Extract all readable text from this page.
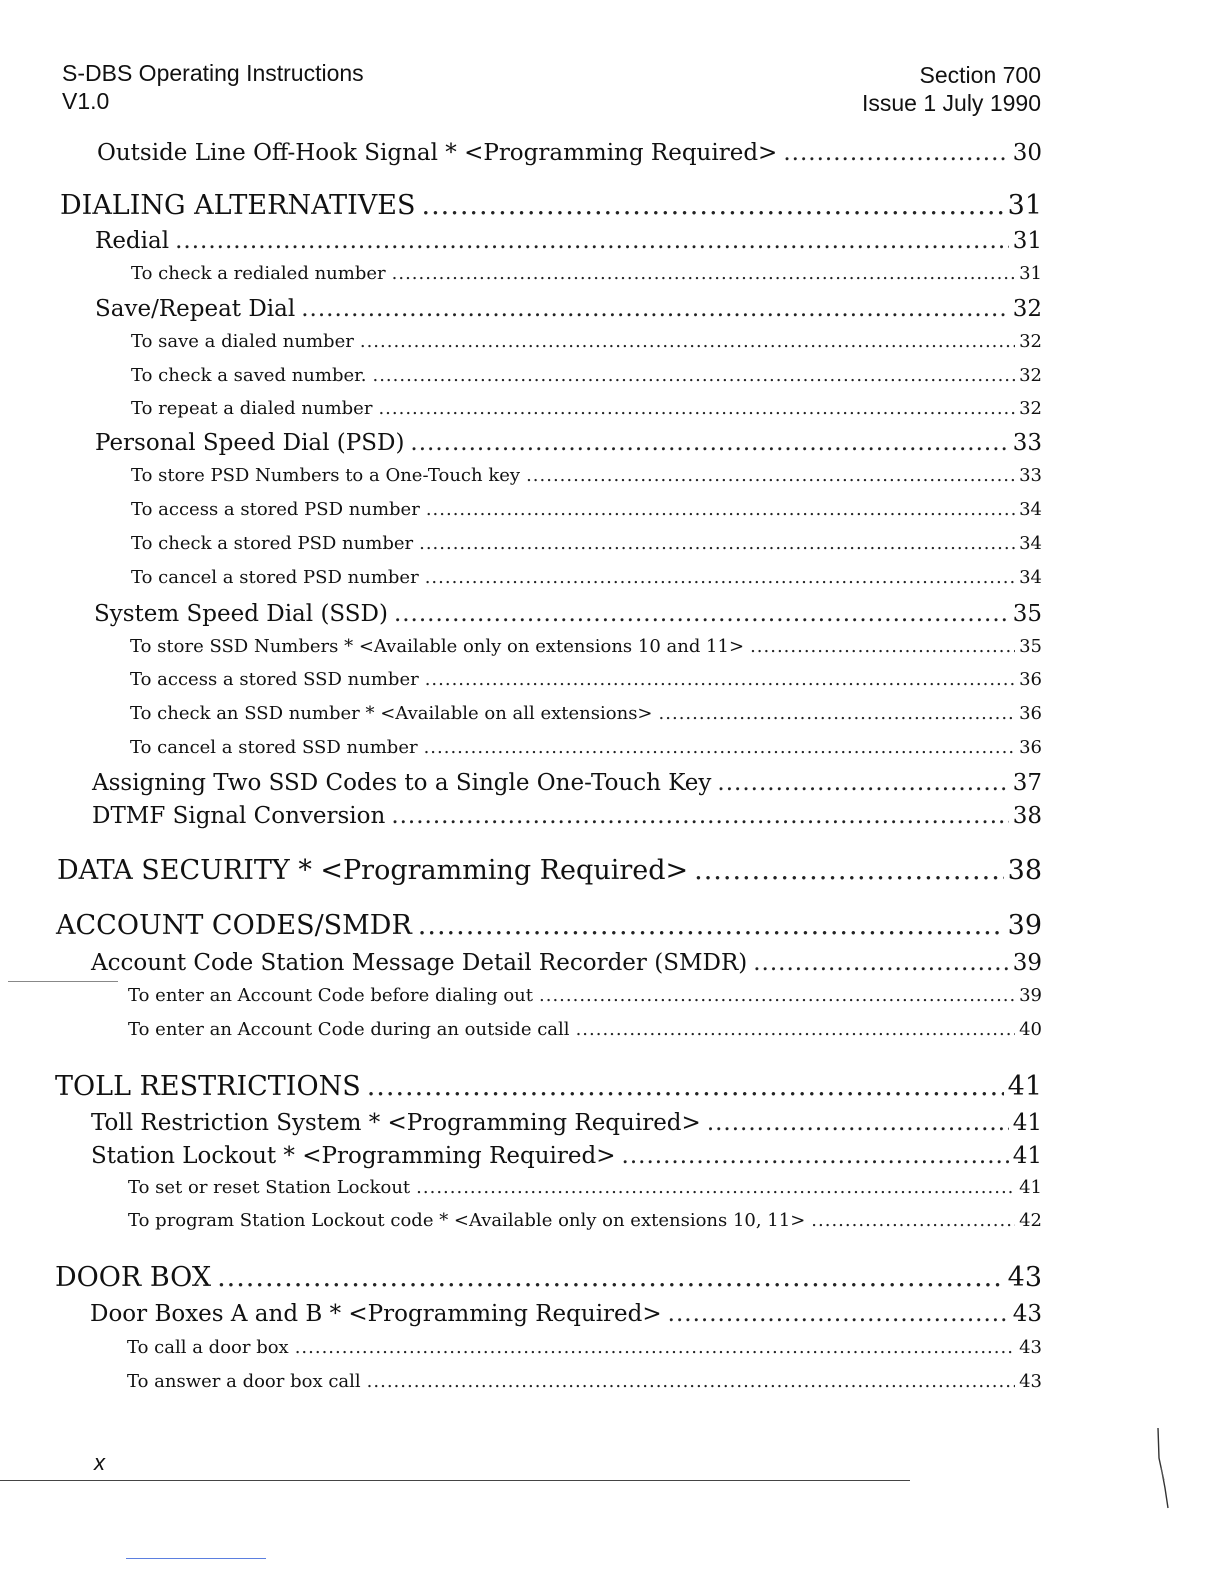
S-DBS Operating Instructions
V1.0
Section 700
Issue 1 July 1990
Outside Line Off-Hook Signal * <Programming Required> .....	30
DIALING ALTERNATIVES .....	31
Redial .....	31
To check a redialed number .....	31
Save/Repeat Dial .....	32
To save a dialed number .....	32
To check a saved number. .....	32
To repeat a dialed number .....	32
Personal Speed Dial (PSD) .....	33
To store PSD Numbers to a One-Touch key .....	33
To access a stored PSD number .....	34
To check a stored PSD number .....	34
To cancel a stored PSD number .....	34
System Speed Dial (SSD) .....	35
To store SSD Numbers * <Available only on extensions 10 and 11> .....	35
To access a stored SSD number .....	36
To check an SSD number * <Available on all extensions> .....	36
To cancel a stored SSD number .....	36
Assigning Two SSD Codes to a Single One-Touch Key .....	37
DTMF Signal Conversion .....	38
DATA SECURITY * <Programming Required> .....	38
ACCOUNT CODES/SMDR .....	39
Account Code Station Message Detail Recorder (SMDR) .....	39
To enter an Account Code before dialing out .....	39
To enter an Account Code during an outside call .....	40
TOLL RESTRICTIONS .....	41
Toll Restriction System * <Programming Required> .....	41
Station Lockout * <Programming Required> .....	41
To set or reset Station Lockout .....	41
To program Station Lockout code * <Available only on extensions 10, 11> .....	42
DOOR BOX .....	43
Door Boxes A and B * <Programming Required> .....	43
To call a door box .....	43
To answer a door box call .....	43
x
